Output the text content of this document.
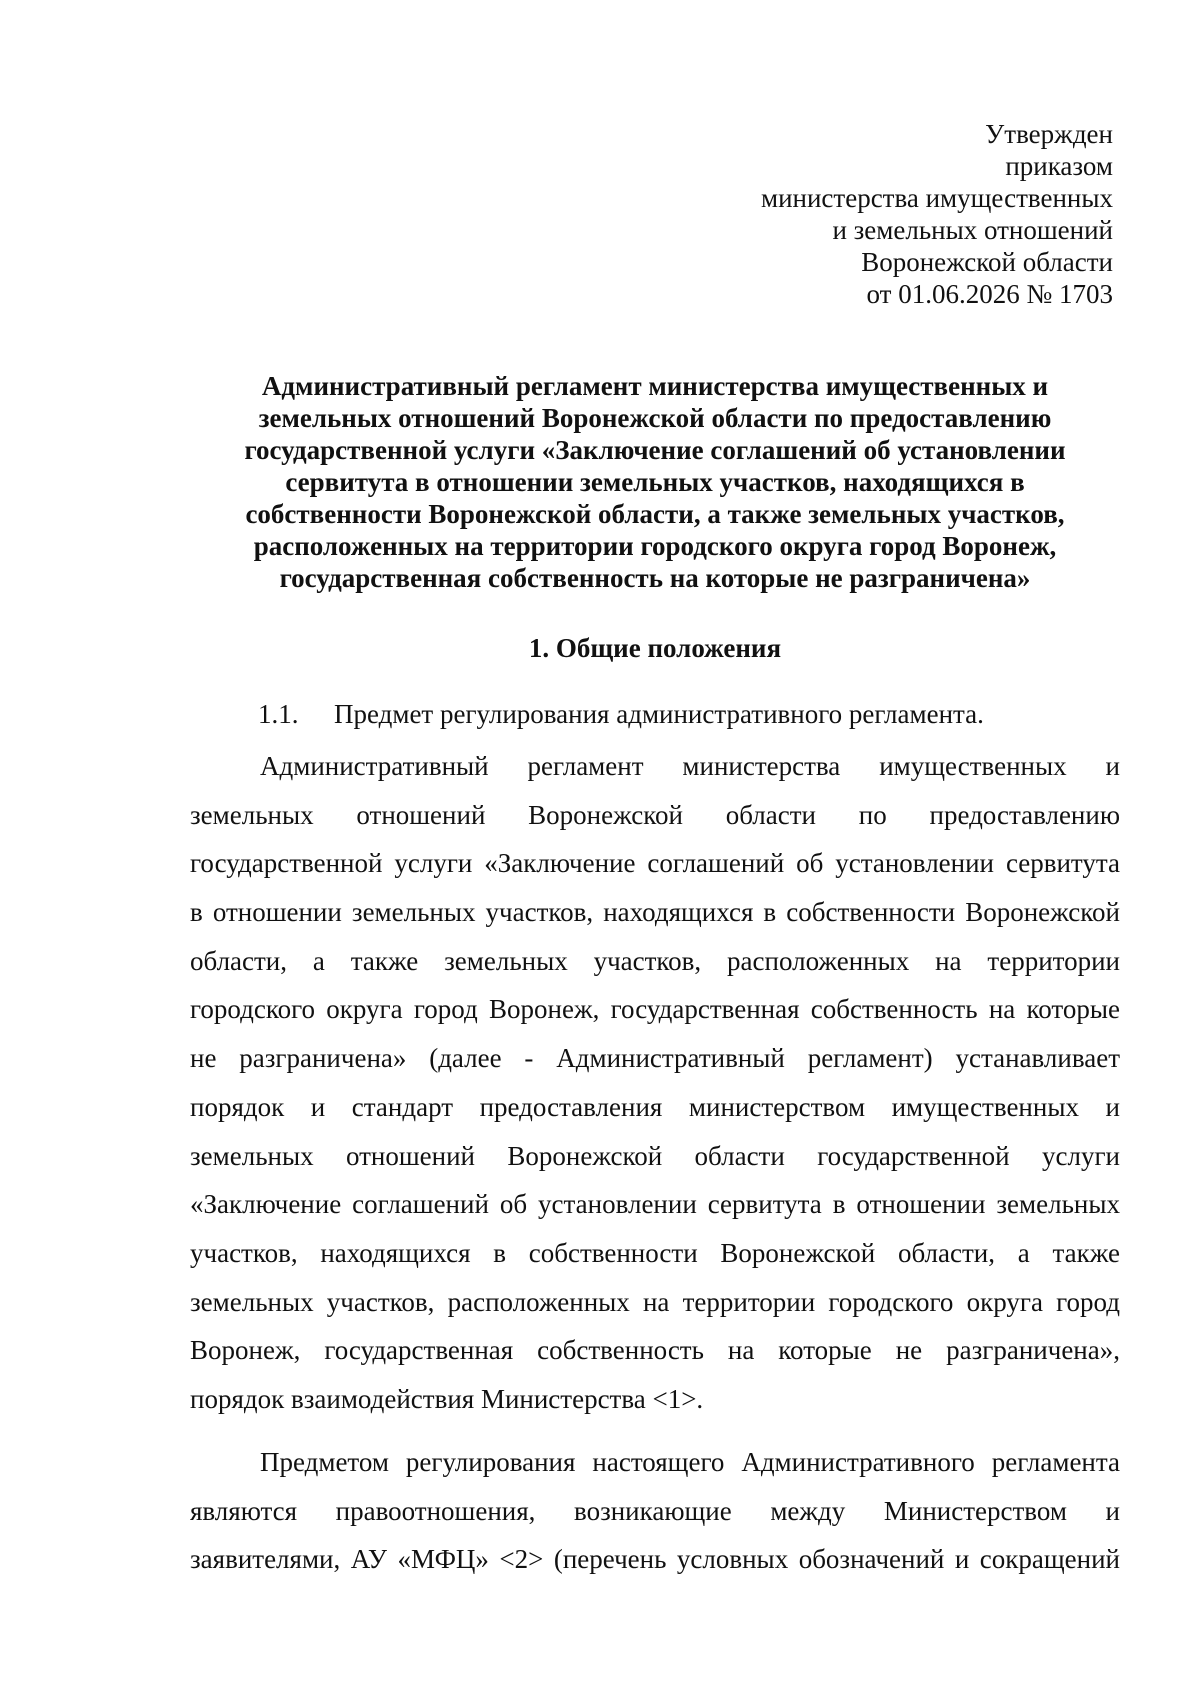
Утвержден
приказом
министерства имущественных
и земельных отношений
Воронежской области
от 01.06.2026 № 1703
Административный регламент министерства имущественных и
земельных отношений Воронежской области по предоставлению
государственной услуги «Заключение соглашений об установлении
сервитута в отношении земельных участков, находящихся в
собственности Воронежской области, а также земельных участков,
расположенных на территории городского округа город Воронеж,
государственная собственность на которые не разграничена»
1. Общие положения
1.1. Предмет регулирования административного регламента.
Административный регламент министерства имущественных и
земельных отношений Воронежской области по предоставлению
государственной услуги «Заключение соглашений об установлении сервитута
в отношении земельных участков, находящихся в собственности Воронежской
области, а также земельных участков, расположенных на территории
городского округа город Воронеж, государственная собственность на которые
не разграничена» (далее - Административный регламент) устанавливает
порядок и стандарт предоставления министерством имущественных и
земельных отношений Воронежской области государственной услуги
«Заключение соглашений об установлении сервитута в отношении земельных
участков, находящихся в собственности Воронежской области, а также
земельных участков, расположенных на территории городского округа город
Воронеж, государственная собственность на которые не разграничена»,
порядок взаимодействия Министерства <1>.
Предметом регулирования настоящего Административного регламента
являются правоотношения, возникающие между Министерством и
заявителями, АУ «МФЦ» <2> (перечень условных обозначений и сокращений
